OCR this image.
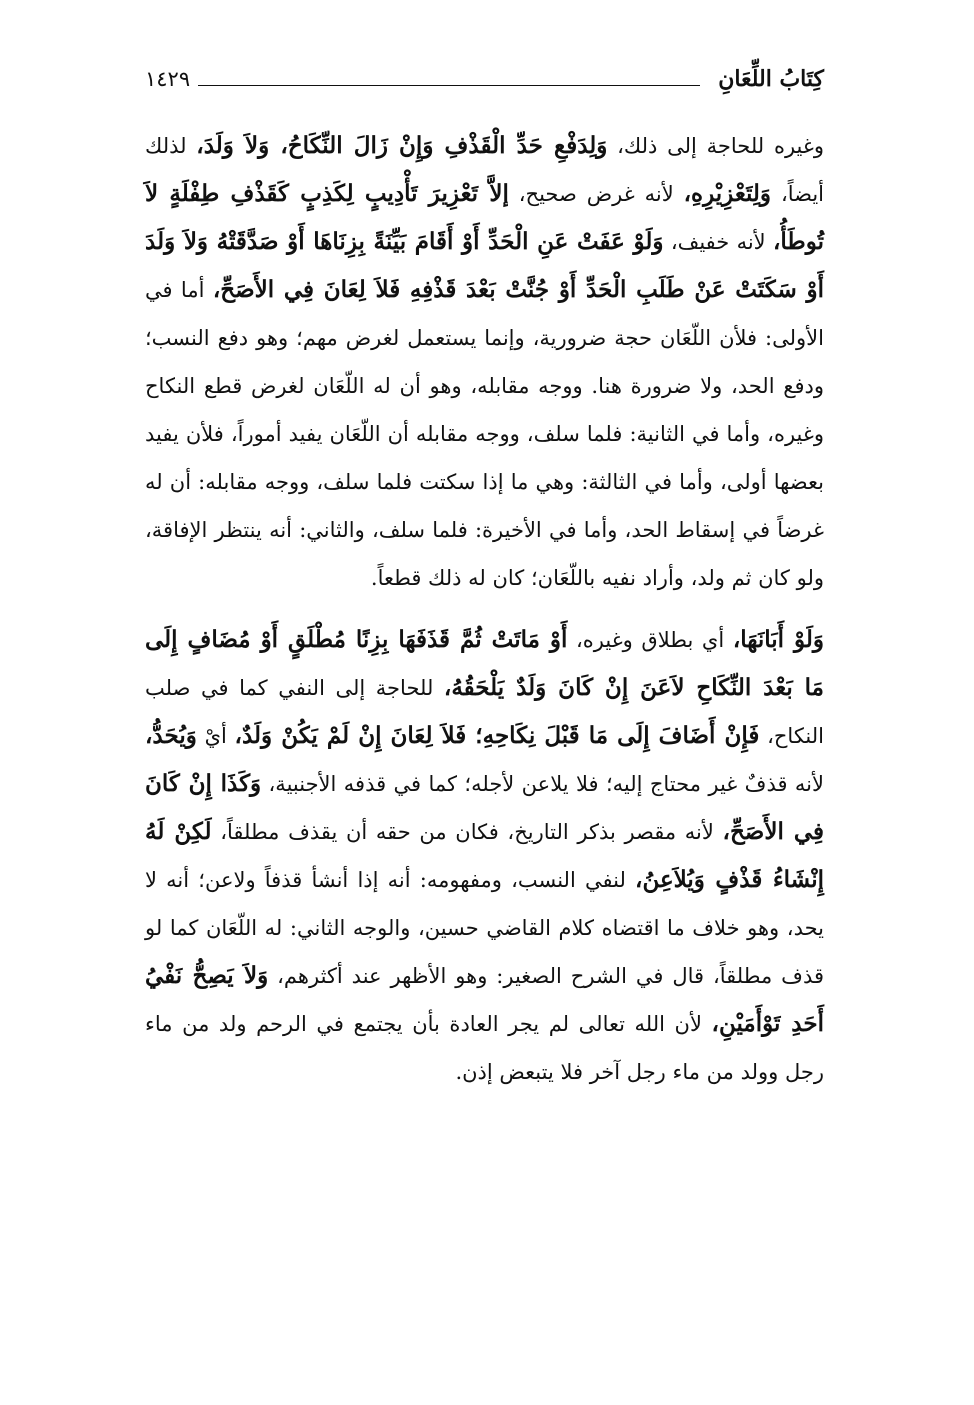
كِتَابُ اللِّعَانِ
١٤٢٩

وغيره للحاجة إلى ذلك، وَلِدَفْعِ حَدِّ الْقَذْفِ وَإِنْ زَالَ النِّكَاحُ، وَلاَ وَلَدَ، لذلك أيضاً، وَلِتَعْزِيْرِهِ، لأنه غرض صحيح، إلاَّ تَعْزِيرَ تَأْدِيبٍ لِكَذِبٍ كَقَذْفِ طِفْلَةٍ لاَ تُوطَأُ، لأنه خفيف، وَلَوْ عَفَتْ عَنِ الْحَدِّ أَوْ أَقَامَ بَيِّنَةً بِزِنَاهَا أَوْ صَدَّقَتْهُ وَلاَ وَلَدَ أَوْ سَكَتَتْ عَنْ طَلَبِ الْحَدِّ أَوْ جُنَّتْ بَعْدَ قَذْفِهِ فَلاَ لِعَانَ فِي الأَصَحِّ، أما في الأولى: فلأن اللّعَان حجة ضرورية، وإنما يستعمل لغرض مهم؛ وهو دفع النسب؛ ودفع الحد، ولا ضرورة هنا. ووجه مقابله، وهو أن له اللّعَان لغرض قطع النكاح وغيره، وأما في الثانية: فلما سلف، ووجه مقابله أن اللّعَان يفيد أموراً، فلأن يفيد بعضها أولى، وأما في الثالثة: وهي ما إذا سكتت فلما سلف، ووجه مقابله: أن له غرضاً في إسقاط الحد، وأما في الأخيرة: فلما سلف، والثاني: أنه ينتظر الإفاقة، ولو كان ثم ولد، وأراد نفيه باللّعَان؛ كان له ذلك قطعاً.

وَلَوْ أَبَانَهَا، أي بطلاق وغيره، أَوْ مَاتَتْ ثُمَّ قَذَفَهَا بِزِنًا مُطْلَقٍ أَوْ مُضَافٍ إِلَى مَا بَعْدَ النِّكَاحِ لاَعَنَ إِنْ كَانَ وَلَدٌ يَلْحَقُهُ، للحاجة إلى النفي كما في صلب النكاح، فَإِنْ أَضَافَ إِلَى مَا قَبْلَ نِكَاحِهِ؛ فَلاَ لِعَانَ إِنْ لَمْ يَكُنْ وَلَدٌ، أيْ وَيُحَدُّ، لأنه قذفٌ غير محتاج إليه؛ فلا يلاعن لأجله؛ كما في قذفه الأجنبية، وَكَذَا إِنْ كَانَ فِي الأَصَحِّ، لأنه مقصر بذكر التاريخ، فكان من حقه أن يقذف مطلقاً، لَكِنْ لَهُ إِنْشَاءُ قَذْفٍ وَيُلاَعِنُ، لنفي النسب، ومفهومه: أنه إذا أنشأ قذفاً ولاعن؛ أنه لا يحد، وهو خلاف ما اقتضاه كلام القاضي حسين، والوجه الثاني: له اللّعَان كما لو قذف مطلقاً، قال في الشرح الصغير: وهو الأظهر عند أكثرهم، وَلاَ يَصِحُّ نَفْيُ أَحَدِ تَوْأَمَيْنِ، لأن الله تعالى لم يجر العادة بأن يجتمع في الرحم ولد من ماء رجل وولد من ماء رجل آخر فلا يتبعض إذن.
